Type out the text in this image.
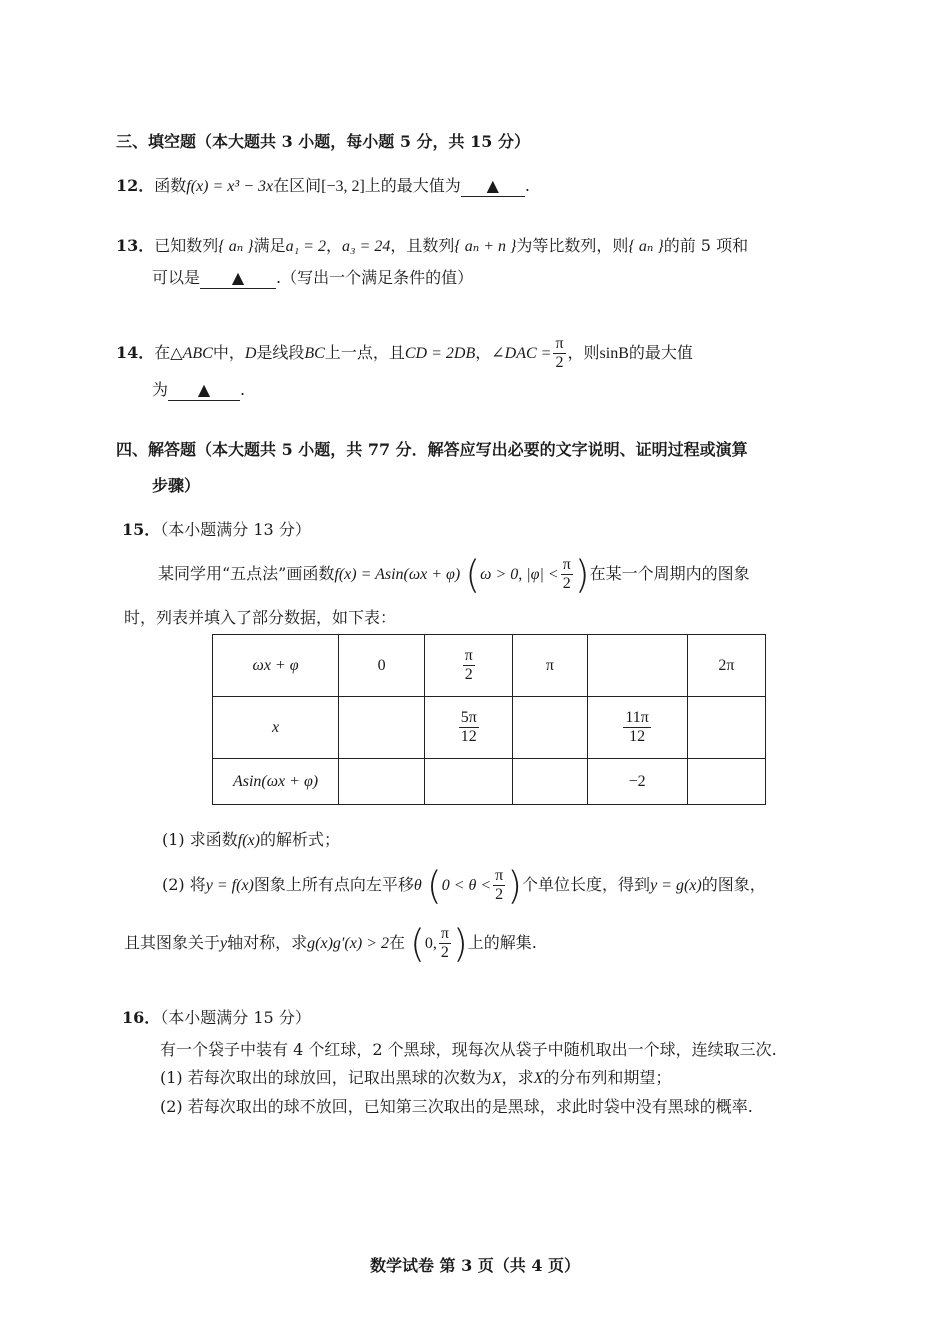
三、填空题（本大题共 3 小题，每小题 5 分，共 15 分）
12．函数f(x) = x³ − 3x在区间[−3, 2]上的最大值为 ▲ .
13．已知数列{ aₙ }满足a₁ = 2，a₃ = 24，且数列{ aₙ + n }为等比数列，则{ aₙ }的前 5 项和
可以是 ▲ .（写出一个满足条件的值）
14．在△ABC中，D是线段BC上一点，且CD = 2DB，∠DAC = $\frac{\pi}{2}$ ，则sinB的最大值
为 ▲ .
四、解答题（本大题共 5 小题，共 77 分．解答应写出必要的文字说明、证明过程或演算
步骤）
15．（本小题满分 13 分）
某同学用“五点法”画函数f(x) = Asin(ωx + φ) (ω > 0, $|\varphi| < \frac{\pi}{2}$ )在某一个周期内的图象
时，列表并填入了部分数据，如下表：
ωx + φ	0	$\frac{\pi}{2}$	π		2π
x		$\frac{5\pi}{12}$		$\frac{11\pi}{12}$

Asin(ωx + φ)				−2	
(1) 求函数f(x)的解析式；
(2) 将y = f(x)图象上所有点向左平移θ ($0 < \theta < \frac{\pi}{2}$ )个单位长度，得到y = g(x)的图象，
且其图象关于y轴对称，求g(x)g′(x) > 2在 (0, $\frac{\pi}{2}$ )上的解集.
16．（本小题满分 15 分）
有一个袋子中装有 4 个红球，2 个黑球，现每次从袋子中随机取出一个球，连续取三次.
(1) 若每次取出的球放回，记取出黑球的次数为X，求X的分布列和期望；
(2) 若每次取出的球不放回，已知第三次取出的是黑球，求此时袋中没有黑球的概率.
数学试卷 第 3 页（共 4 页）
